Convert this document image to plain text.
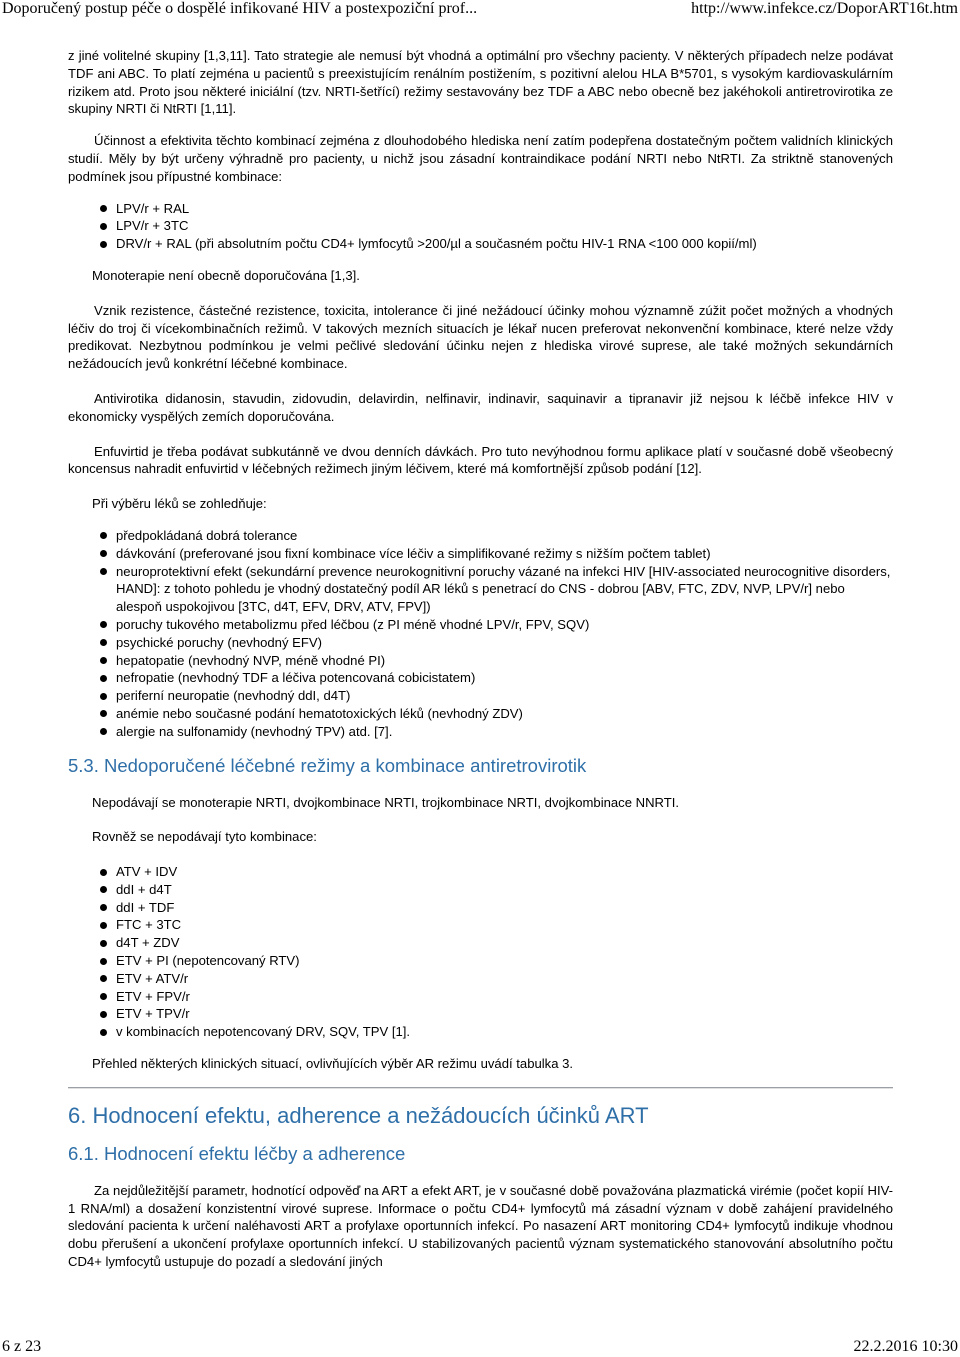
Doporučený postup péče o dospělé infikované HIV a postexpoziční prof...	http://www.infekce.cz/DoporART16t.htm

z jiné volitelné skupiny [1,3,11]. Tato strategie ale nemusí být vhodná a optimální pro všechny pacienty. V některých případech nelze podávat TDF ani ABC. To platí zejména u pacientů s preexistujícím renálním postižením, s pozitivní alelou HLA B*5701, s vysokým kardiovaskulárním rizikem atd. Proto jsou některé iniciální (tzv. NRTI-šetřící) režimy sestavovány bez TDF a ABC nebo obecně bez jakéhokoli antiretrovirotika ze skupiny NRTI či NtRTI [1,11].

Účinnost a efektivita těchto kombinací zejména z dlouhodobého hlediska není zatím podepřena dostatečným počtem validních klinických studií. Měly by být určeny výhradně pro pacienty, u nichž jsou zásadní kontraindikace podání NRTI nebo NtRTI. Za striktně stanovených podmínek jsou přípustné kombinace:

LPV/r + RAL
LPV/r + 3TC
DRV/r + RAL (při absolutním počtu CD4+ lymfocytů >200/µl a současném počtu HIV-1 RNA <100 000 kopií/ml)

Monoterapie není obecně doporučována [1,3].

Vznik rezistence, částečné rezistence, toxicita, intolerance či jiné nežádoucí účinky mohou významně zúžit počet možných a vhodných léčiv do troj či vícekombinačních režimů. V takových mezních situacích je lékař nucen preferovat nekonvenční kombinace, které nelze vždy predikovat. Nezbytnou podmínkou je velmi pečlivé sledování účinku nejen z hlediska virové suprese, ale také možných sekundárních nežádoucích jevů konkrétní léčebné kombinace.

Antivirotika didanosin, stavudin, zidovudin, delavirdin, nelfinavir, indinavir, saquinavir a tipranavir již nejsou k léčbě infekce HIV v ekonomicky vyspělých zemích doporučována.

Enfuvirtid je třeba podávat subkutánně ve dvou denních dávkách. Pro tuto nevýhodnou formu aplikace platí v současné době všeobecný koncensus nahradit enfuvirtid v léčebných režimech jiným léčivem, které má komfortnější způsob podání [12].

Při výběru léků se zohledňuje:

předpokládaná dobrá tolerance
dávkování (preferované jsou fixní kombinace více léčiv a simplifikované režimy s nižším počtem tablet)
neuroprotektivní efekt (sekundární prevence neurokognitivní poruchy vázané na infekci HIV [HIV-associated neurocognitive disorders, HAND]: z tohoto pohledu je vhodný dostatečný podíl AR léků s penetrací do CNS - dobrou [ABV, FTC, ZDV, NVP, LPV/r] nebo alespoň uspokojivou [3TC, d4T, EFV, DRV, ATV, FPV])
poruchy tukového metabolizmu před léčbou (z PI méně vhodné LPV/r, FPV, SQV)
psychické poruchy (nevhodný EFV)
hepatopatie (nevhodný NVP, méně vhodné PI)
nefropatie (nevhodný TDF a léčiva potencovaná cobicistatem)
periferní neuropatie (nevhodný ddI, d4T)
anémie nebo současné podání hematotoxických léků (nevhodný ZDV)
alergie na sulfonamidy (nevhodný TPV) atd. [7].
5.3. Nedoporučené léčebné režimy a kombinace antiretrovirotik

Nepodávají se monoterapie NRTI, dvojkombinace NRTI, trojkombinace NRTI, dvojkombinace NNRTI.

Rovněž se nepodávají tyto kombinace:

ATV + IDV
ddI + d4T
ddI + TDF
FTC + 3TC
d4T + ZDV
ETV + PI (nepotencovaný RTV)
ETV + ATV/r
ETV + FPV/r
ETV + TPV/r
v kombinacích nepotencovaný DRV, SQV, TPV [1].

Přehled některých klinických situací, ovlivňujících výběr AR režimu uvádí tabulka 3.

6. Hodnocení efektu, adherence a nežádoucích účinků ART
6.1. Hodnocení efektu léčby a adherence

Za nejdůležitější parametr, hodnotící odpověď na ART a efekt ART, je v současné době považována plazmatická virémie (počet kopií HIV-1 RNA/ml) a dosažení konzistentní virové suprese. Informace o počtu CD4+ lymfocytů má zásadní význam v době zahájení pravidelného sledování pacienta k určení naléhavosti ART a profylaxe oportunních infekcí. Po nasazení ART monitoring CD4+ lymfocytů indikuje vhodnou dobu přerušení a ukončení profylaxe oportunních infekcí. U stabilizovaných pacientů význam systematického stanovování absolutního počtu CD4+ lymfocytů ustupuje do pozadí a sledování jiných

6 z 23	22.2.2016 10:30
